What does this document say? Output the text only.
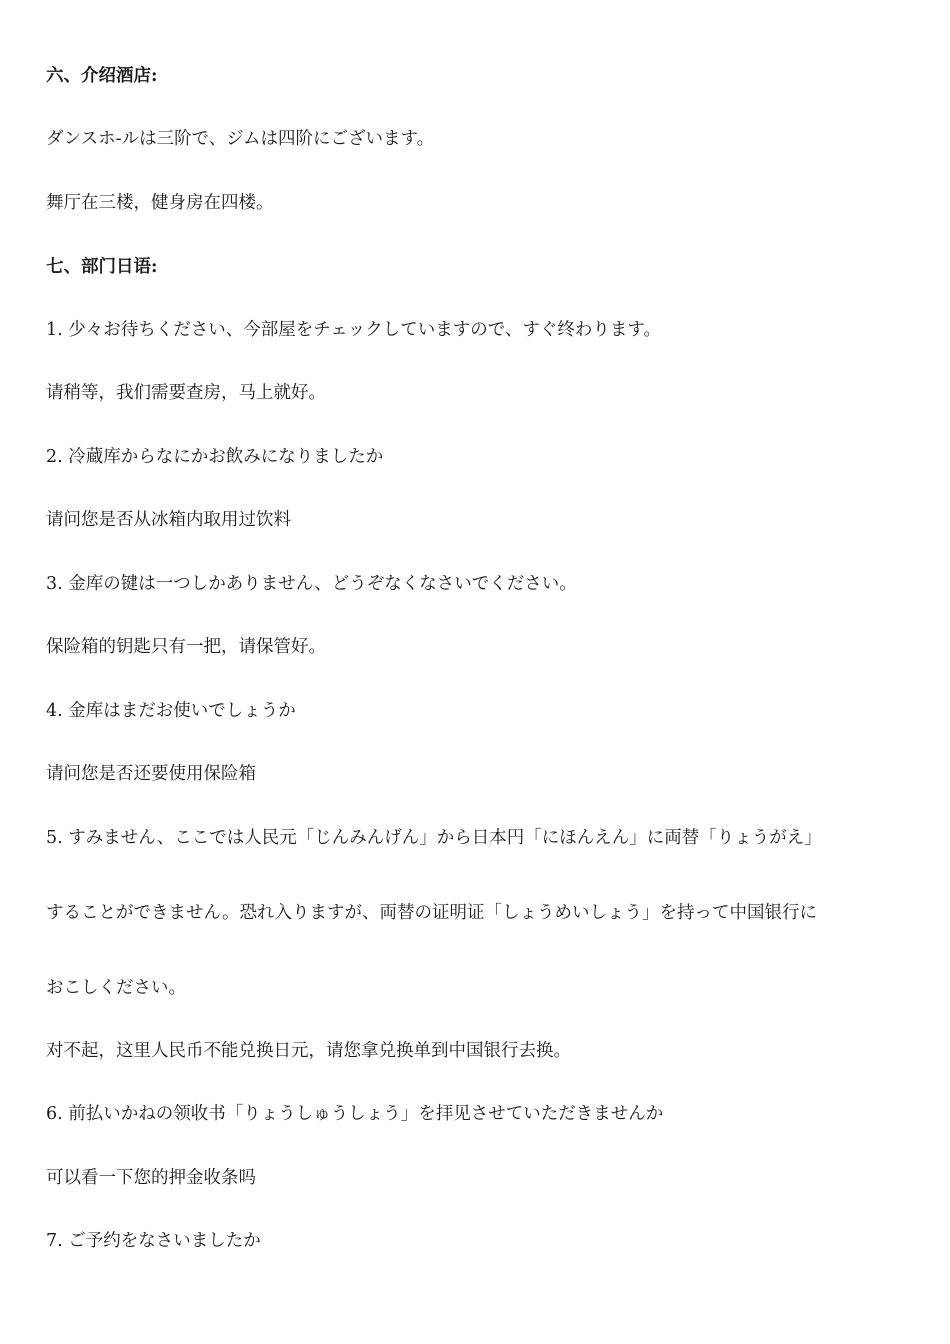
六、介绍酒店:
ダンスホ-ルは三阶で、ジムは四阶にございます。
舞厅在三楼，健身房在四楼。
七、部门日语:
1. 少々お待ちください、今部屋をチェックしていますので、すぐ终わります。
请稍等，我们需要查房，马上就好。
2. 冷蔵库からなにかお飲みになりましたか
请问您是否从冰箱内取用过饮料
3. 金库の键は一つしかありません、どうぞなくなさいでください。
保险箱的钥匙只有一把，请保管好。
4. 金库はまだお使いでしょうか
请问您是否还要使用保险箱
5. すみません、ここでは人民元「じんみんげん」から日本円「にほんえん」に両替「りょうがえ」
することができません。恐れ入りますが、両替の证明证「しょうめいしょう」を持って中国银行に
おこしください。
对不起，这里人民币不能兑换日元，请您拿兑换单到中国银行去换。
6. 前払いかねの领收书「りょうしゅうしょう」を拝见させていただきませんか
可以看一下您的押金收条吗
7. ご予约をなさいましたか
